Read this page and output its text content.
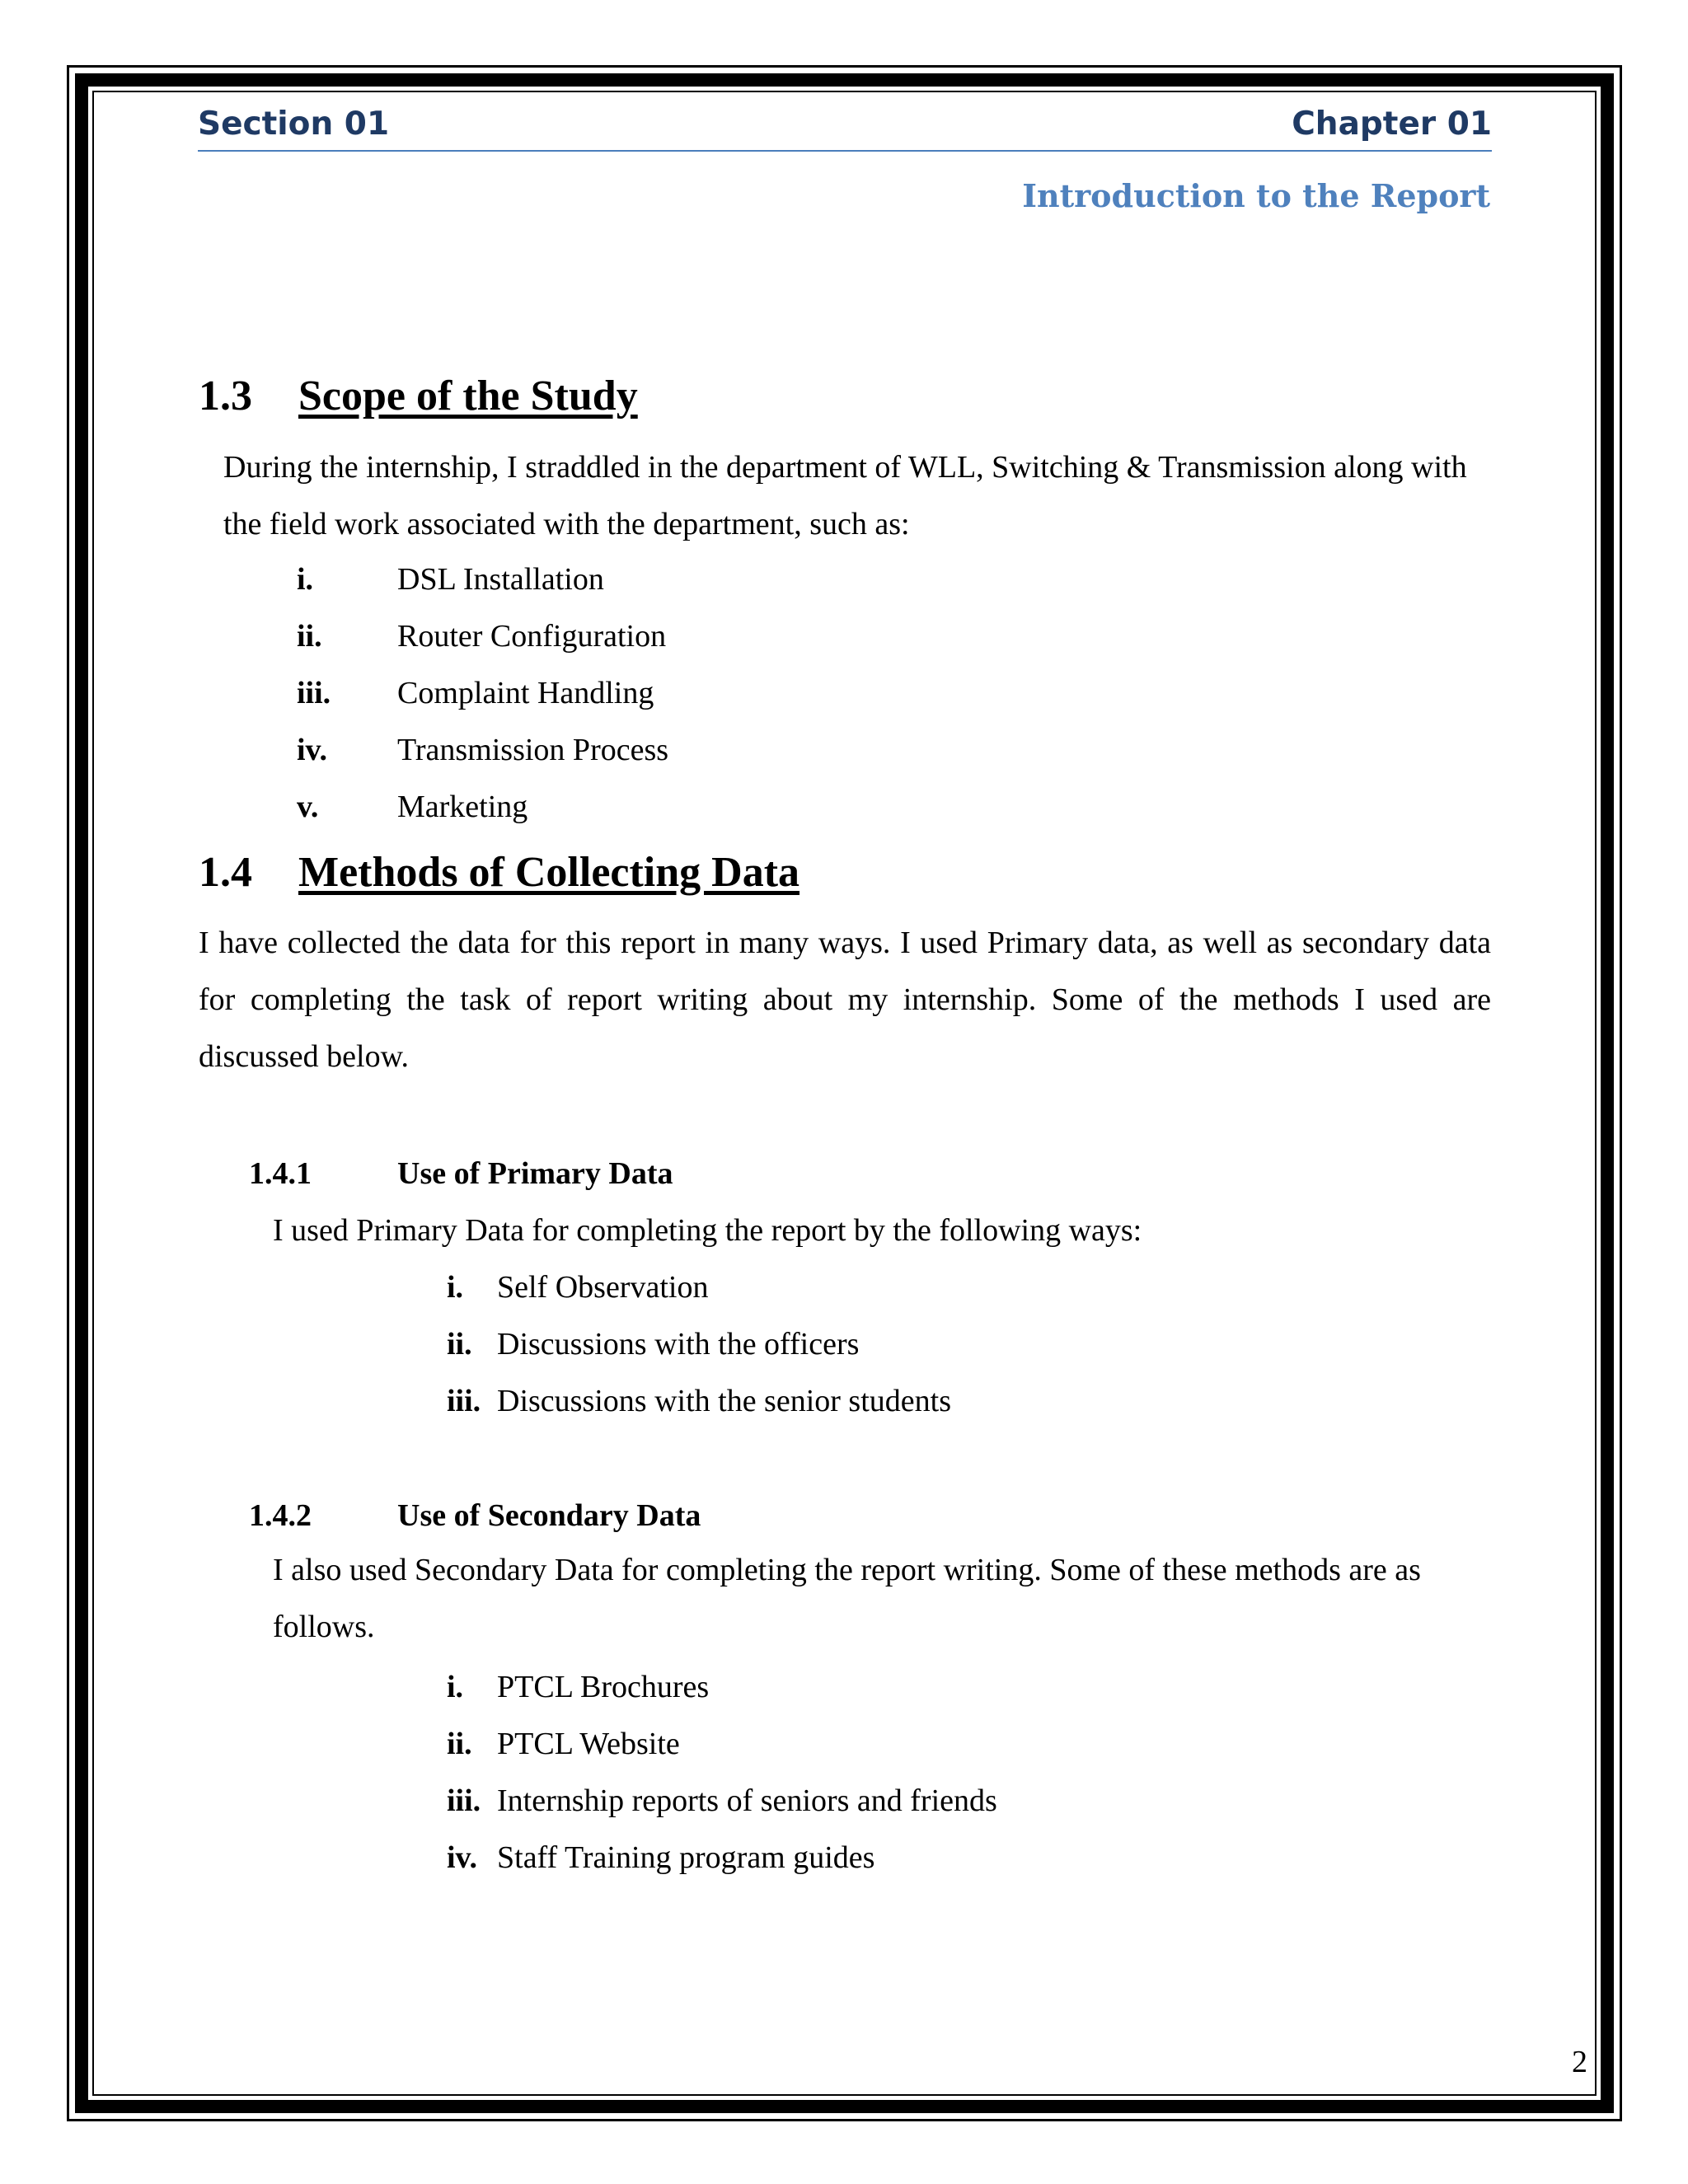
Section 01	Chapter 01
Introduction to the Report
1.3 Scope of the Study
During the internship, I straddled in the department of WLL, Switching & Transmission along with the field work associated with the department, such as:
i.	DSL Installation
ii. Router Configuration
iii. Complaint Handling
iv. Transmission Process
v.	Marketing
1.4 Methods of Collecting Data
I have collected the data for this report in many ways. I used Primary data, as well as secondary data for completing the task of report writing about my internship. Some of the methods I used are discussed below.
1.4.1	Use of Primary Data
I used Primary Data for completing the report by the following ways:
i. Self Observation
ii. Discussions with the officers
iii. Discussions with the senior students
1.4.2	Use of Secondary Data
I also used Secondary Data for completing the report writing. Some of these methods are as follows.
i. PTCL Brochures
ii. PTCL Website
iii. Internship reports of seniors and friends
iv. Staff Training program guides
2
